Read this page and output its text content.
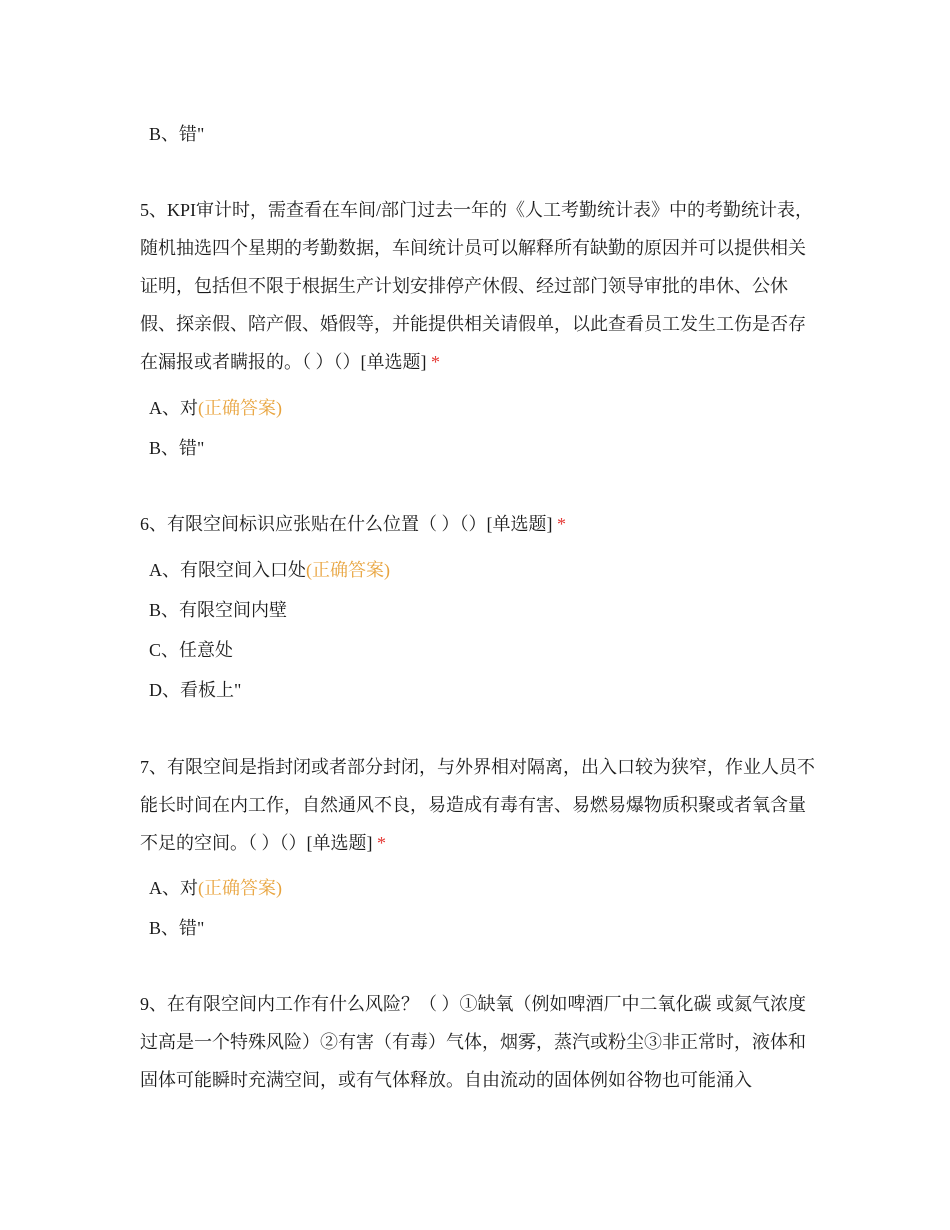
B、错"
5、KPI审计时，需查看在车间/部门过去一年的《人工考勤统计表》中的考勤统计表，随机抽选四个星期的考勤数据，车间统计员可以解释所有缺勤的原因并可以提供相关证明，包括但不限于根据生产计划安排停产休假、经过部门领导审批的串休、公休假、探亲假、陪产假、婚假等，并能提供相关请假单，以此查看员工发生工伤是否存在漏报或者瞒报的。（ ）（）[单选题] *
A、对(正确答案)
B、错"
6、有限空间标识应张贴在什么位置（ ）（）[单选题] *
A、有限空间入口处(正确答案)
B、有限空间内壁
C、任意处
D、看板上"
7、有限空间是指封闭或者部分封闭，与外界相对隔离，出入口较为狭窄，作业人员不能长时间在内工作，自然通风不良，易造成有毒有害、易燃易爆物质积聚或者氧含量不足的空间。（ ）（）[单选题] *
A、对(正确答案)
B、错"
9、在有限空间内工作有什么风险？（ ）①缺氧（例如啤酒厂中二氧化碳 或氮气浓度过高是一个特殊风险）②有害（有毒）气体，烟雾，蒸汽或粉尘③非正常时，液体和固体可能瞬时充满空间，或有气体释放。自由流动的固体例如谷物也可能涌入
